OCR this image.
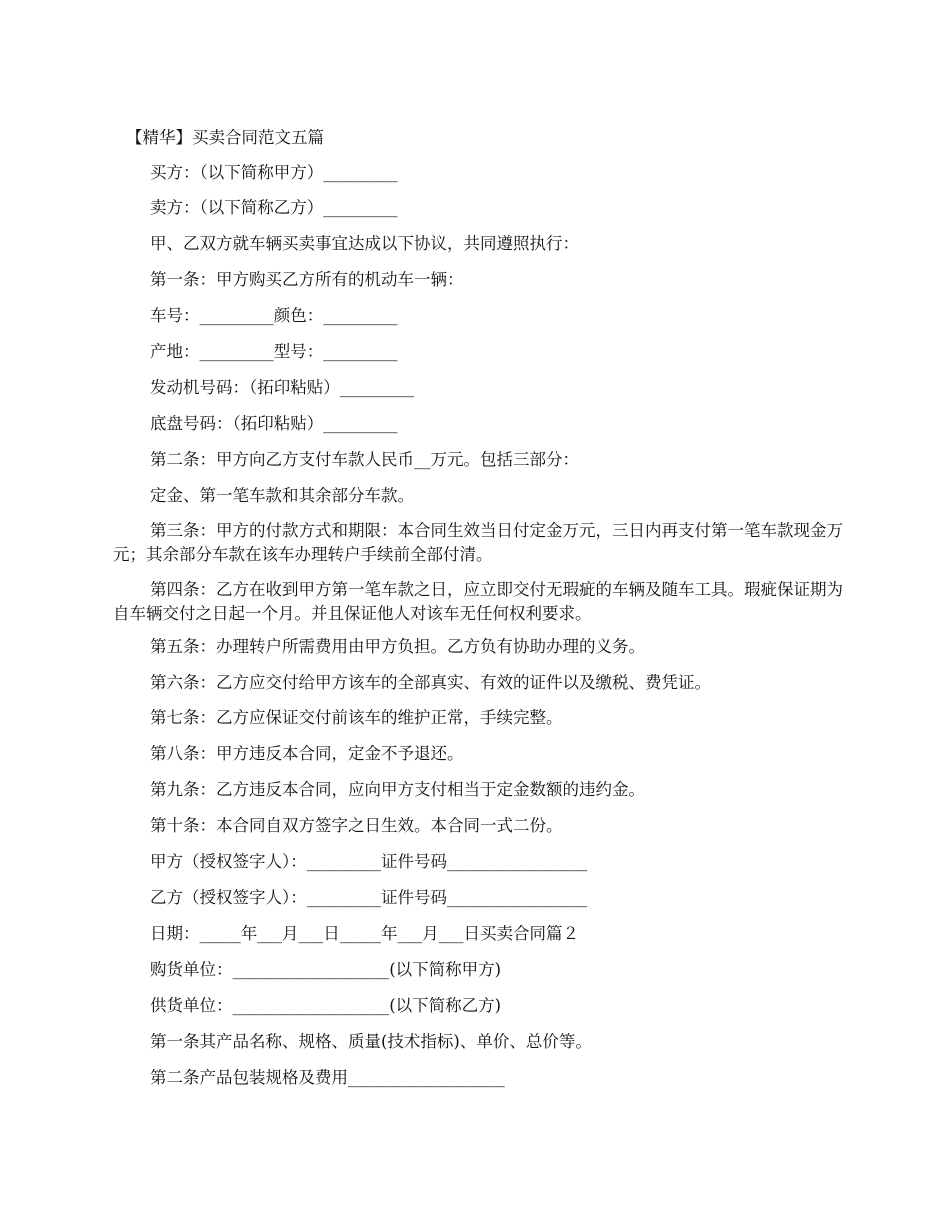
【精华】买卖合同范文五篇
买方：（以下简称甲方）_________
卖方：（以下简称乙方）_________
甲、乙双方就车辆买卖事宜达成以下协议，共同遵照执行：
第一条：甲方购买乙方所有的机动车一辆：
车号：_________颜色：_________
产地：_________型号：_________
发动机号码：（拓印粘贴）_________
底盘号码：（拓印粘贴）_________
第二条：甲方向乙方支付车款人民币__万元。包括三部分：
定金、第一笔车款和其余部分车款。
第三条：甲方的付款方式和期限：本合同生效当日付定金万元，三日内再支付第一笔车款现金万元；其余部分车款在该车办理转户手续前全部付清。
第四条：乙方在收到甲方第一笔车款之日，应立即交付无瑕疵的车辆及随车工具。瑕疵保证期为自车辆交付之日起一个月。并且保证他人对该车无任何权利要求。
第五条：办理转户所需费用由甲方负担。乙方负有协助办理的义务。
第六条：乙方应交付给甲方该车的全部真实、有效的证件以及缴税、费凭证。
第七条：乙方应保证交付前该车的维护正常，手续完整。
第八条：甲方违反本合同，定金不予退还。
第九条：乙方违反本合同，应向甲方支付相当于定金数额的违约金。
第十条：本合同自双方签字之日生效。本合同一式二份。
甲方（授权签字人）：_________证件号码_________________
乙方（授权签字人）：_________证件号码_________________
日期：_____年___月___日_____年___月___日买卖合同篇２
购货单位：___________________(以下简称甲方)
供货单位：___________________(以下简称乙方)
第一条其产品名称、规格、质量(技术指标)、单价、总价等。
第二条产品包装规格及费用___________________
